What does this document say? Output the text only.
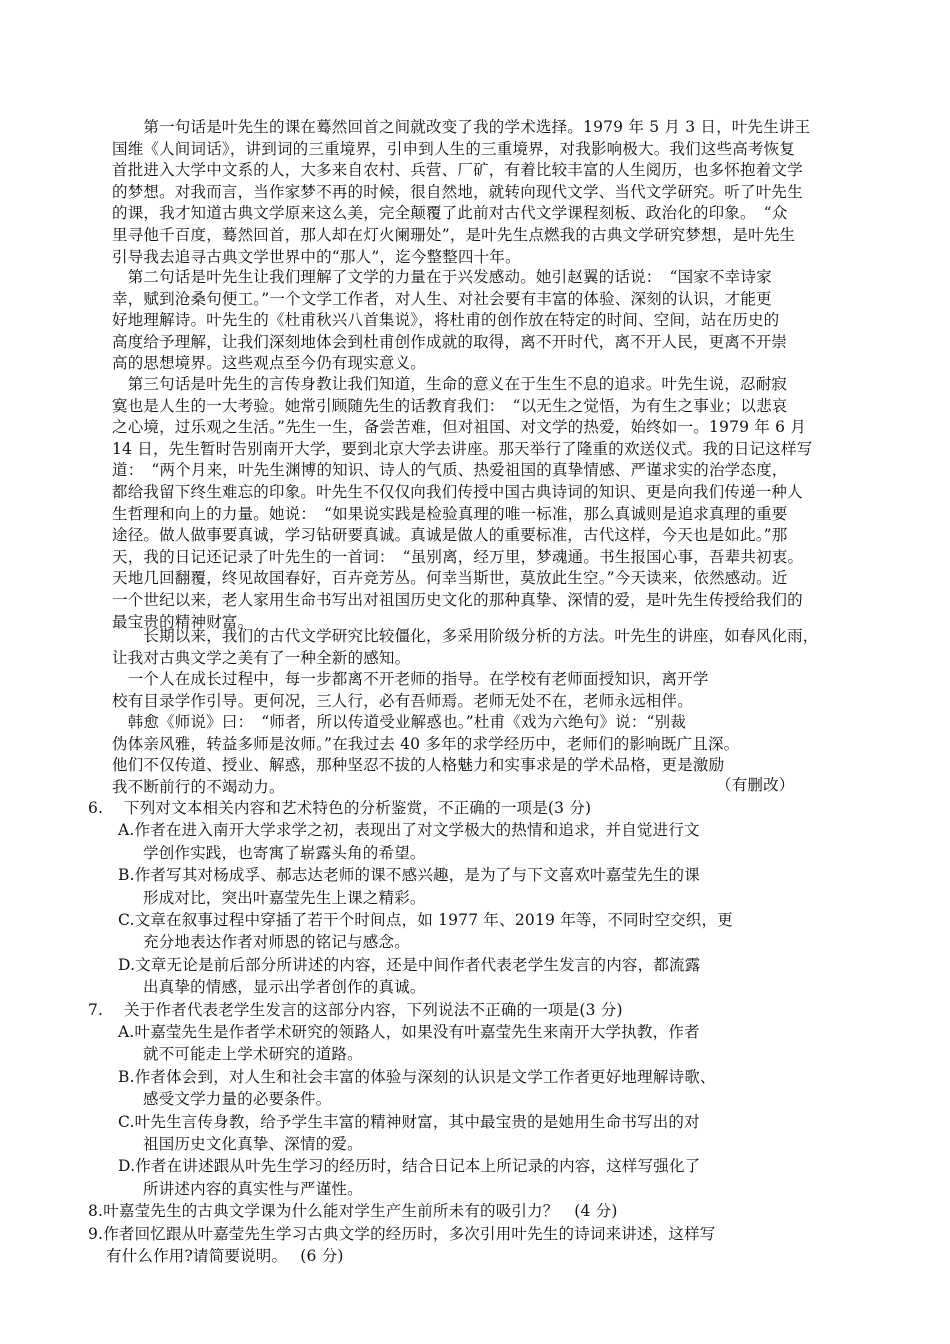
　　第一句话是叶先生的课在蓦然回首之间就改变了我的学术选择。1979 年 5 月 3 日，叶先生讲王
国维《人间词话》，讲到词的三重境界，引申到人生的三重境界，对我影响极大。我们这些高考恢复
首批进入大学中文系的人，大多来自农村、兵营、厂矿，有着比较丰富的人生阅历，也多怀抱着文学
的梦想。对我而言，当作家梦不再的时候，很自然地，就转向现代文学、当代文学研究。听了叶先生
的课，我才知道古典文学原来这么美，完全颠覆了此前对古代文学课程刻板、政治化的印象。　“众
里寻他千百度，蓦然回首，那人却在灯火阑珊处”，是叶先生点燃我的古典文学研究梦想，是叶先生
引导我去追寻古典文学世界中的“那人”，迄今整整四十年。
　第二句话是叶先生让我们理解了文学的力量在于兴发感动。她引赵翼的话说：　“国家不幸诗家
幸，赋到沧桑句便工。”一个文学工作者，对人生、对社会要有丰富的体验、深刻的认识，才能更
好地理解诗。叶先生的《杜甫秋兴八首集说》，将杜甫的创作放在特定的时间、空间，站在历史的
高度给予理解，让我们深刻地体会到杜甫创作成就的取得，离不开时代，离不开人民，更离不开崇
高的思想境界。这些观点至今仍有现实意义。
　第三句话是叶先生的言传身教让我们知道，生命的意义在于生生不息的追求。叶先生说，忍耐寂
寞也是人生的一大考验。她常引顾随先生的话教育我们：　“以无生之觉悟，为有生之事业；以悲哀
之心境，过乐观之生活。”先生一生，备尝苦难，但对祖国、对文学的热爱，始终如一。1979 年 6 月
14 日，先生暂时告别南开大学，要到北京大学去讲座。那天举行了隆重的欢送仪式。我的日记这样写
道：　“两个月来，叶先生渊博的知识、诗人的气质、热爱祖国的真挚情感、严谨求实的治学态度，
都给我留下终生难忘的印象。叶先生不仅仅向我们传授中国古典诗词的知识、更是向我们传递一种人
生哲理和向上的力量。她说：　“如果说实践是检验真理的唯一标准，那么真诚则是追求真理的重要
途径。做人做事要真诚，学习钻研要真诚。真诚是做人的重要标准，古代这样，今天也是如此。”那
天，我的日记还记录了叶先生的一首词：　“虽别离，经万里，梦魂通。书生报国心事，吾辈共初衷。
天地几回翻覆，终见故国春好，百卉竞芳丛。何幸当斯世，莫放此生空。”今天读来，依然感动。近
一个世纪以来，老人家用生命书写出对祖国历史文化的那种真挚、深情的爱，是叶先生传授给我们的
最宝贵的精神财富。
　　长期以来，我们的古代文学研究比较僵化，多采用阶级分析的方法。叶先生的讲座，如春风化雨，
让我对古典文学之美有了一种全新的感知。
　一个人在成长过程中，每一步都离不开老师的指导。在学校有老师面授知识，离开学
校有目录学作引导。更何况，三人行，必有吾师焉。老师无处不在，老师永远相伴。
　韩愈《师说》曰：　“师者，所以传道受业解惑也。”杜甫《戏为六绝句》说：“别裁
伪体亲风雅，转益多师是汝师。”在我过去 40 多年的求学经历中，老师们的影响既广且深。
他们不仅传道、授业、解惑，那种坚忍不拔的人格魅力和实事求是的学术品格，更是激励
我不断前行的不竭动力。	（有删改）
6.　 下列对文本相关内容和艺术特色的分析鉴赏，不正确的一项是(3 分)
A.作者在进入南开大学求学之初，表现出了对文学极大的热情和追求，并自觉进行文
学创作实践，也寄寓了崭露头角的希望。
B.作者写其对杨成孚、郝志达老师的课不感兴趣，是为了与下文喜欢叶嘉莹先生的课
形成对比，突出叶嘉莹先生上课之精彩。
C.文章在叙事过程中穿插了若干个时间点，如 1977 年、2019 年等，不同时空交织，更
充分地表达作者对师恩的铭记与感念。
D.文章无论是前后部分所讲述的内容，还是中间作者代表老学生发言的内容，都流露
出真挚的情感，显示出学者创作的真诚。
7.　 关于作者代表老学生发言的这部分内容，下列说法不正确的一项是(3 分)
A.叶嘉莹先生是作者学术研究的领路人，如果没有叶嘉莹先生来南开大学执教，作者
就不可能走上学术研究的道路。
B.作者体会到，对人生和社会丰富的体验与深刻的认识是文学工作者更好地理解诗歌、
感受文学力量的必要条件。
C.叶先生言传身教，给予学生丰富的精神财富，其中最宝贵的是她用生命书写出的对
祖国历史文化真挚、深情的爱。
D.作者在讲述跟从叶先生学习的经历时，结合日记本上所记录的内容，这样写强化了
所讲述内容的真实性与严谨性。
8.叶嘉莹先生的古典文学课为什么能对学生产生前所未有的吸引力？　(4 分)
9.作者回忆跟从叶嘉莹先生学习古典文学的经历时，多次引用叶先生的诗词来讲述，这样写
有什么作用?请简要说明。　 (6 分)
